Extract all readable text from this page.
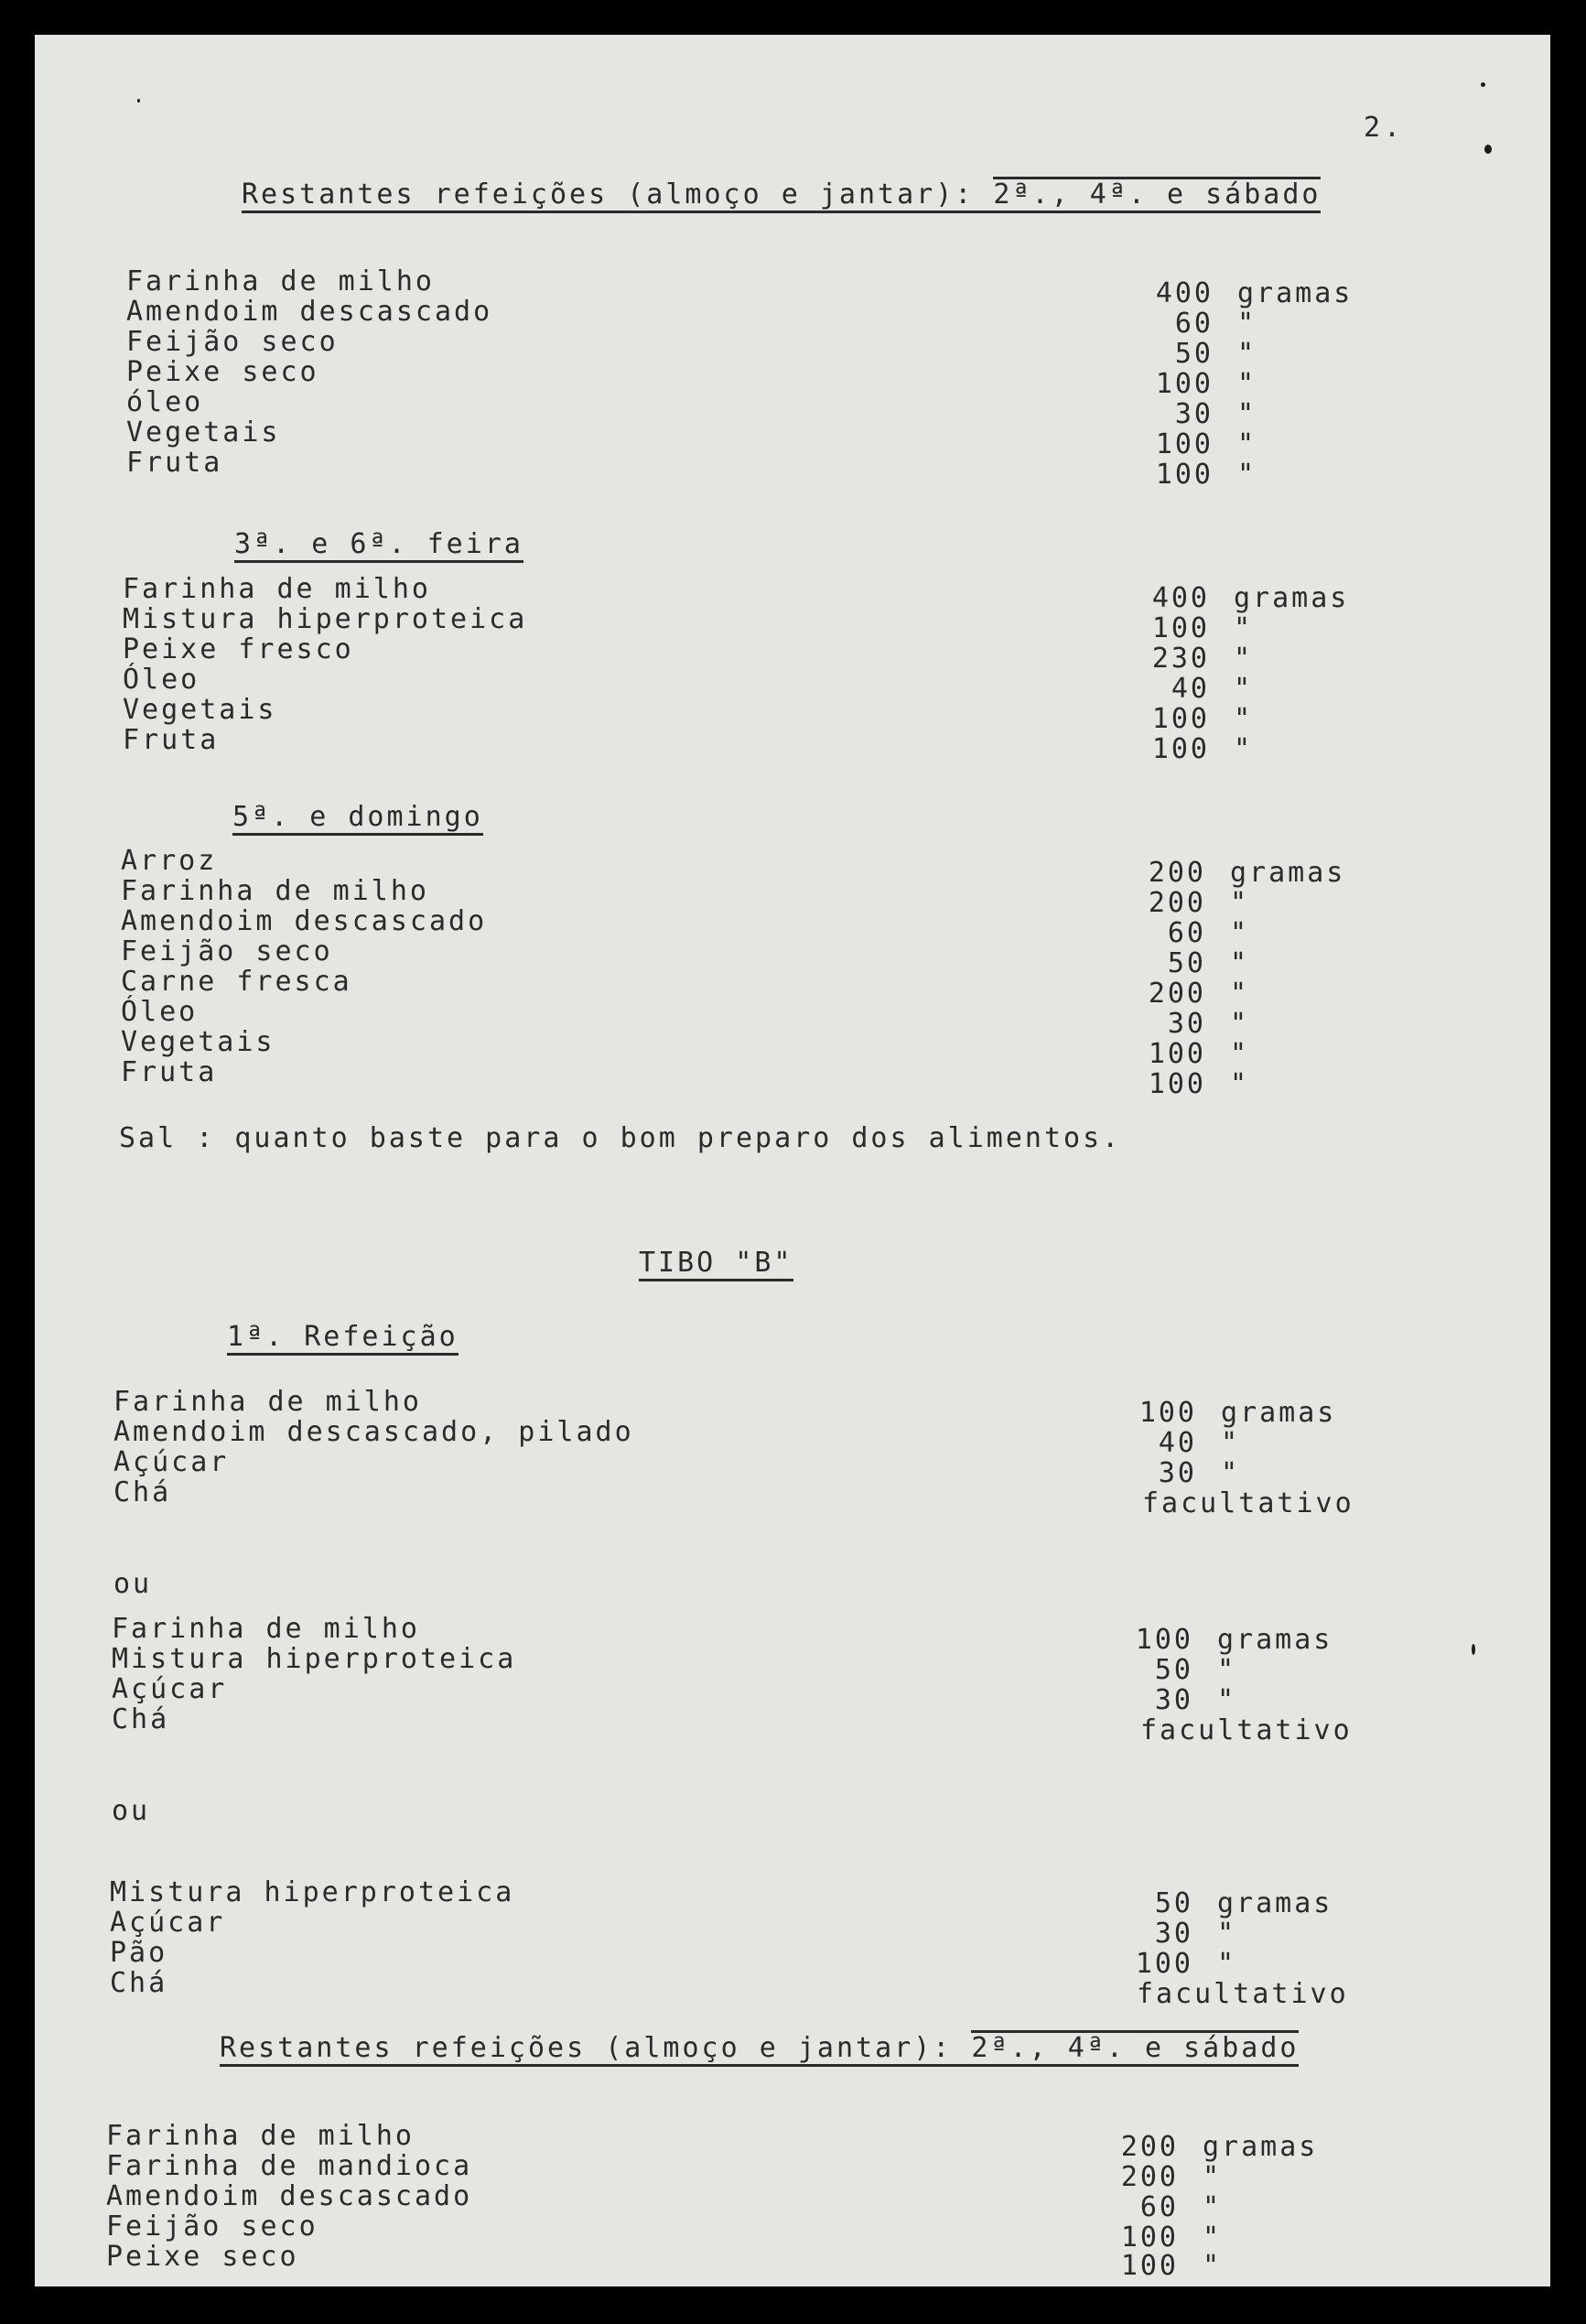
2.
Restantes refeições (almoço e jantar): 2ª., 4ª. e sábado
Farinha de milho
Amendoim descascado
Feijão seco
Peixe seco
óleo
Vegetais
Fruta
400 gramas
60 "
50 "
100 "
30 "
100 "
100 "
3ª. e 6ª. feira
Farinha de milho
Mistura hiperproteica
Peixe fresco
Óleo
Vegetais
Fruta
400 gramas
100 "
230 "
40 "
100 "
100 "
5ª. e domingo
Arroz
Farinha de milho
Amendoim descascado
Feijão seco
Carne fresca
Óleo
Vegetais
Fruta
200 gramas
200 "
60 "
50 "
200 "
30 "
100 "
100 "
Sal : quanto baste para o bom preparo dos alimentos.
TIBO "B"
1ª. Refeição
Farinha de milho
Amendoim descascado, pilado
Açúcar
Chá
100 gramas
40 "
30 "
facultativo
ou
Farinha de milho
Mistura hiperproteica
Açúcar
Chá
100 gramas
50 "
30 "
facultativo
ou
Mistura hiperproteica
Açúcar
Pão
Chá
50 gramas
30 "
100 "
facultativo
Restantes refeições (almoço e jantar): 2ª., 4ª. e sábado
Farinha de milho
Farinha de mandioca
Amendoim descascado
Feijão seco
Peixe seco
200 gramas
200 "
60 "
100 "
100 "
